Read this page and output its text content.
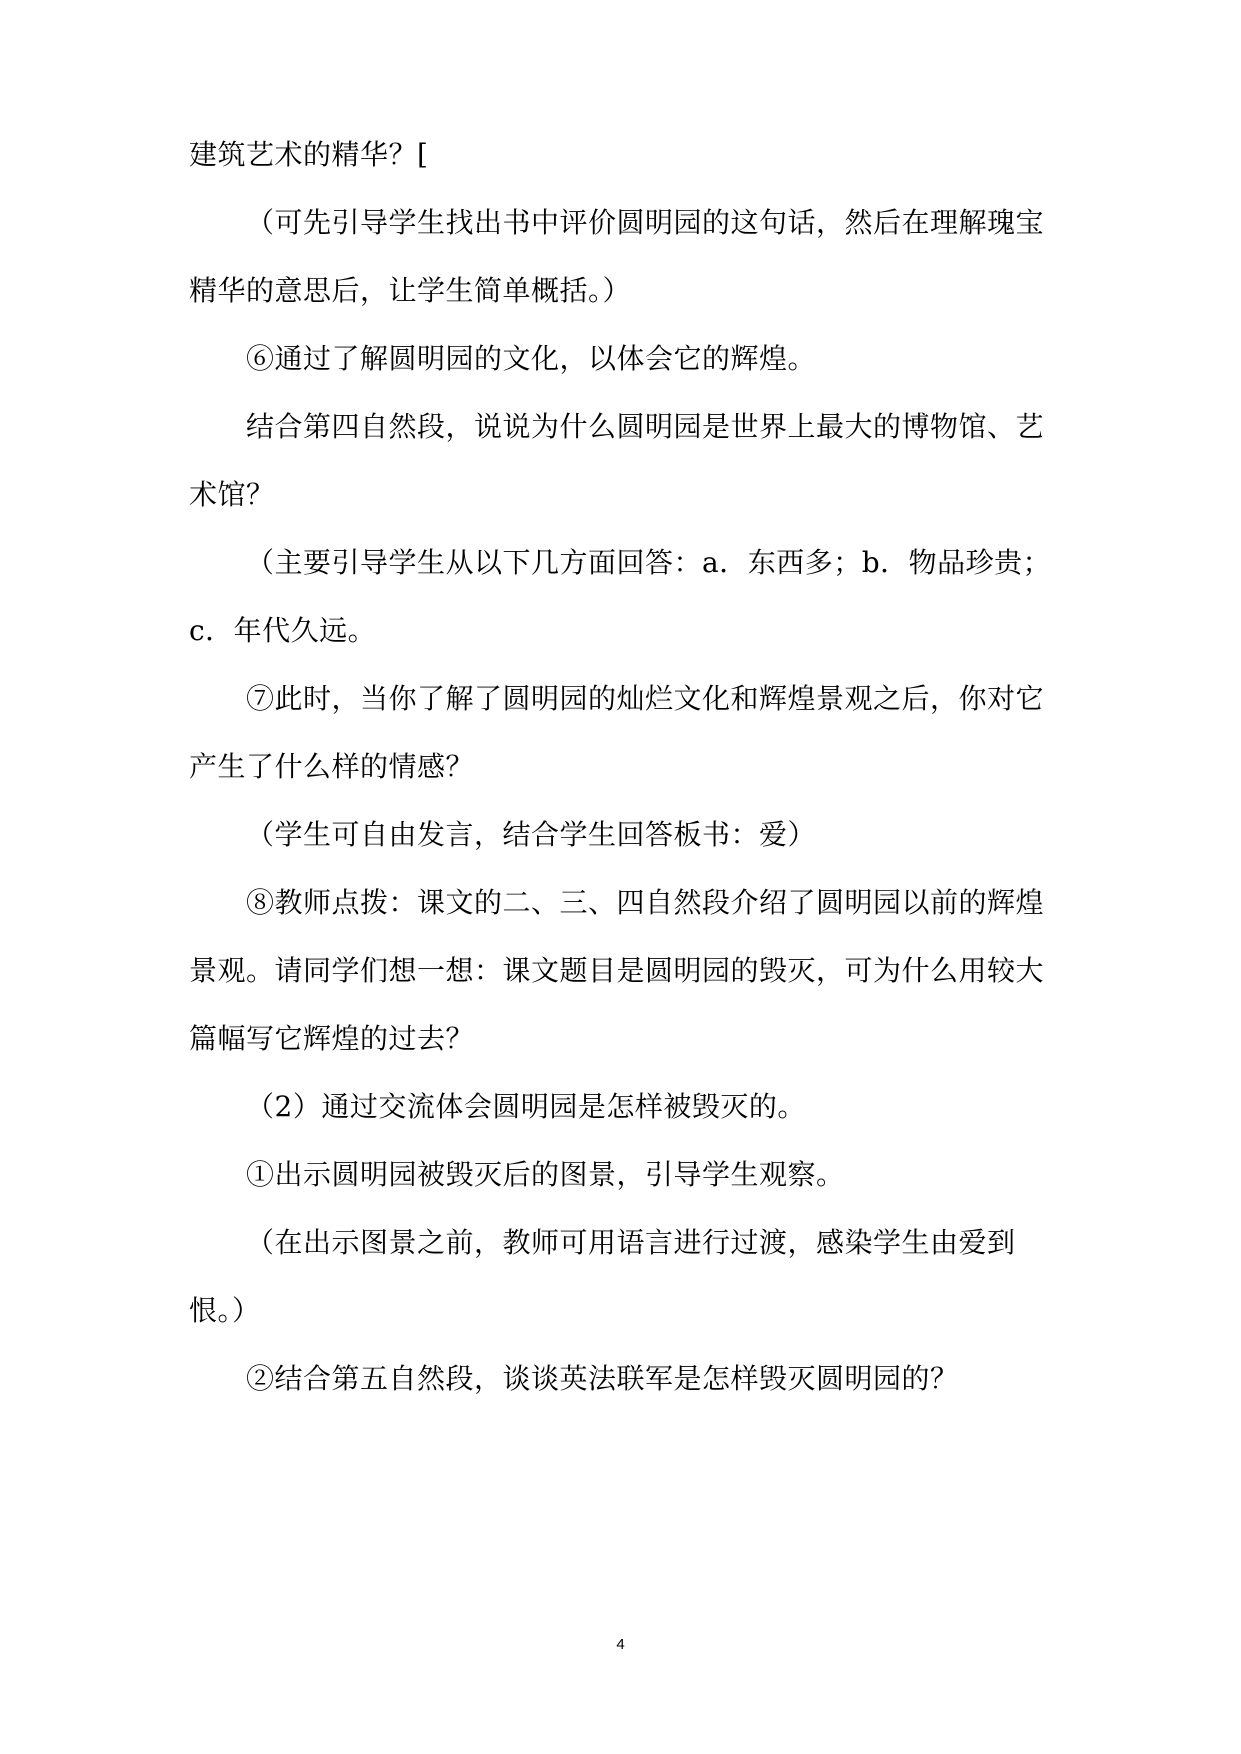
建筑艺术的精华？[
（可先引导学生找出书中评价圆明园的这句话，然后在理解瑰宝
精华的意思后，让学生简单概括。）
⑥通过了解圆明园的文化，以体会它的辉煌。
结合第四自然段，说说为什么圆明园是世界上最大的博物馆、艺
术馆？
（主要引导学生从以下几方面回答：a．东西多；b．物品珍贵；
c．年代久远。
⑦此时，当你了解了圆明园的灿烂文化和辉煌景观之后，你对它
产生了什么样的情感？
（学生可自由发言，结合学生回答板书：爱）
⑧教师点拨：课文的二、三、四自然段介绍了圆明园以前的辉煌
景观。请同学们想一想：课文题目是圆明园的毁灭，可为什么用较大
篇幅写它辉煌的过去？
（2）通过交流体会圆明园是怎样被毁灭的。
①出示圆明园被毁灭后的图景，引导学生观察。
（在出示图景之前，教师可用语言进行过渡，感染学生由爱到
恨。）
②结合第五自然段，谈谈英法联军是怎样毁灭圆明园的？
4
